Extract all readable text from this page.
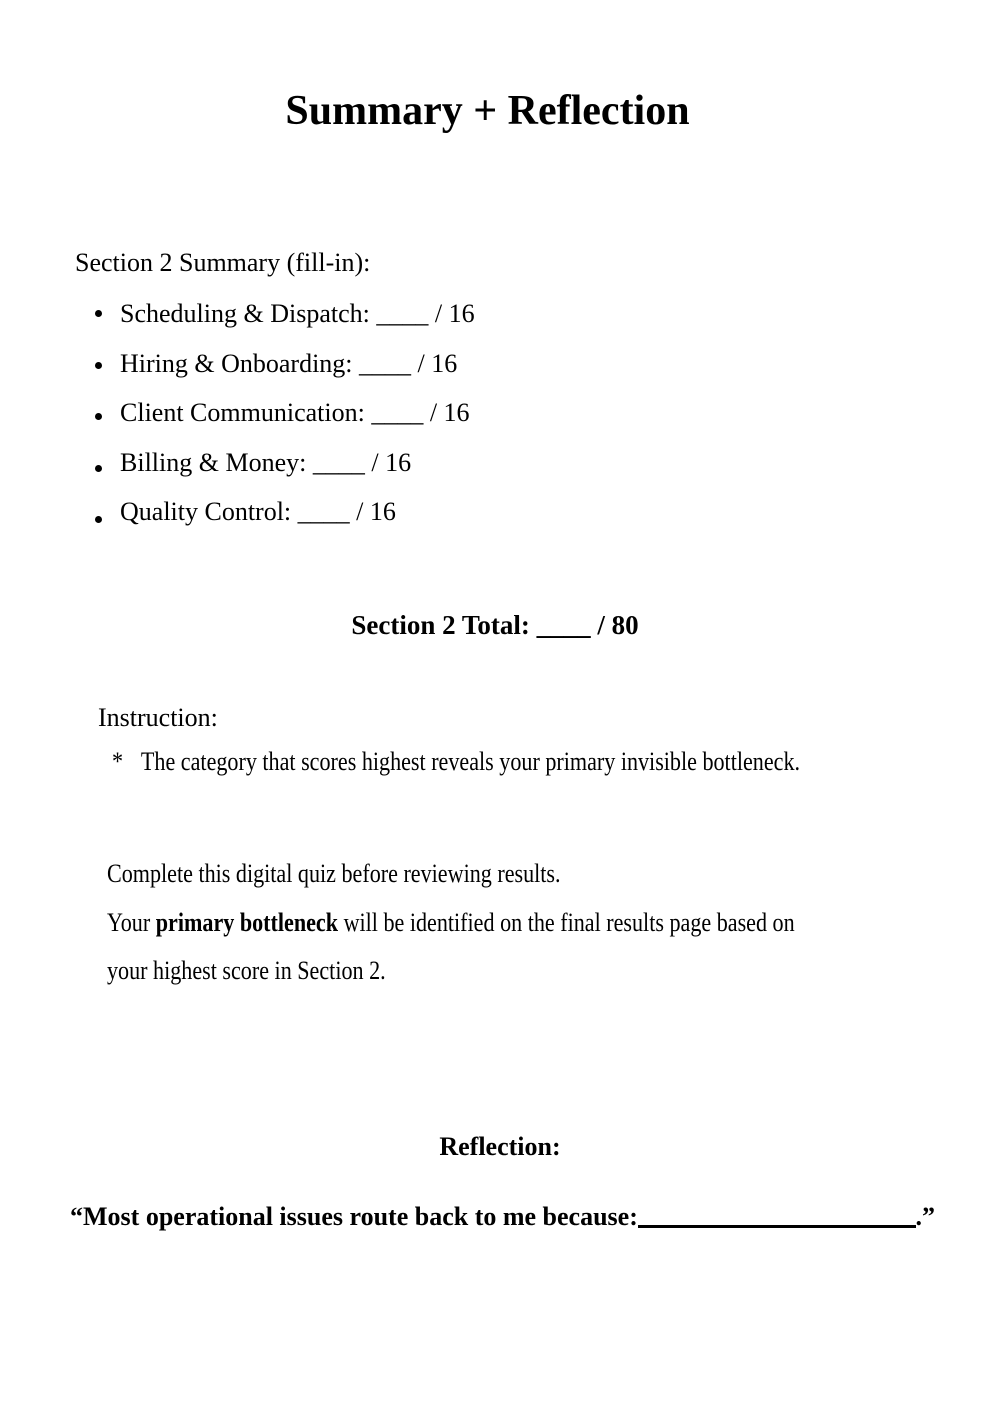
Summary + Reflection
Section 2 Summary (fill-in):
Scheduling & Dispatch: ____ / 16
Hiring & Onboarding: ____ / 16
Client Communication: ____ / 16
Billing & Money: ____ / 16
Quality Control: ____ / 16
Section 2 Total: ____ / 80
Instruction:
* The category that scores highest reveals your primary invisible bottleneck.
Complete this digital quiz before reviewing results.
Your primary bottleneck will be identified on the final results page based on
your highest score in Section 2.
Reflection:
“Most operational issues route back to me because:	.”
